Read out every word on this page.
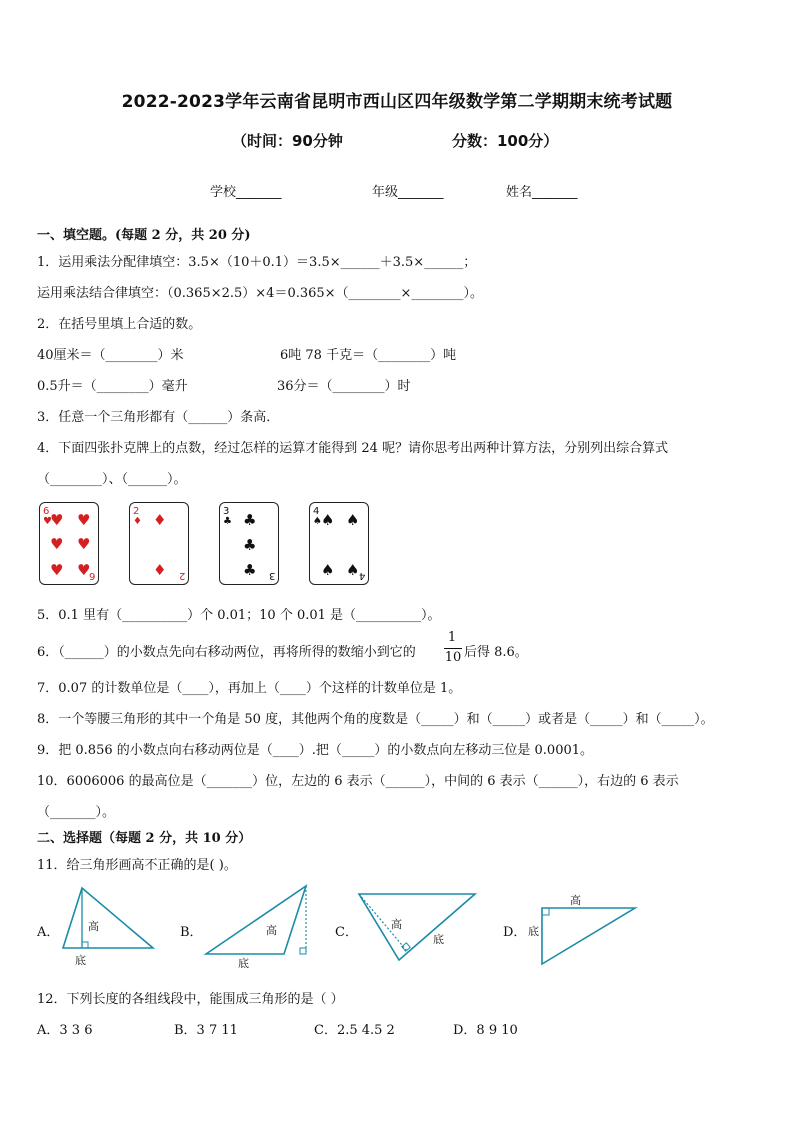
2022-2023学年云南省昆明市西山区四年级数学第二学期期末统考试题
（时间：90分钟	分数：100分）
学校_______	年级_______	姓名_______
一、填空题。(每题 2 分，共 20 分)
1．运用乘法分配律填空：3.5×（10＋0.1）＝3.5×______＋3.5×______；
运用乘法结合律填空：（0.365×2.5）×4＝0.365×（________×________）。
2．在括号里填上合适的数。
40厘米＝（________）米	6吨 78 千克＝（________）吨
0.5升＝（________）毫升	36分＝（________）时
3．任意一个三角形都有（______）条高．
4．下面四张扑克牌上的点数，经过怎样的运算才能得到 24 呢？请你思考出两种计算方法，分别列出综合算式
（________）、（______）。
6
♥
♥ ♥
♥ ♥
♥ ♥
6
2
♦ ♦
♦ 2
3
♣ ♣
♣
♣ 3
4
♠ ♠ ♠
♠ ♠ 4
5．0.1 里有（__________）个 0.01；10 个 0.01 是（__________）。
6．（______）的小数点先向右移动两位，再将所得的数缩小到它的
1
10 后得 8.6。
7．0.07 的计数单位是（____），再加上（____）个这样的计数单位是 1。
8．一个等腰三角形的其中一个角是 50 度，其他两个角的度数是（_____）和（_____）或者是（_____）和（_____）。
9．把 0.856 的小数点向右移动两位是（____）.把（_____）的小数点向左移动三位是 0.0001。
10．6006006 的最高位是（_______）位，左边的 6 表示（______），中间的 6 表示（______），右边的 6 表示
（_______）。
二、选择题（每题 2 分，共 10 分）
11．给三角形画高不正确的是( )。
A．	高
底
B．	高
底
C．
高
底	D．
高
底
12．下列长度的各组线段中，能围成三角形的是（ ）
A．3 3 6	B．3 7 11	C．2.5 4.5 2	D．8 9 10
